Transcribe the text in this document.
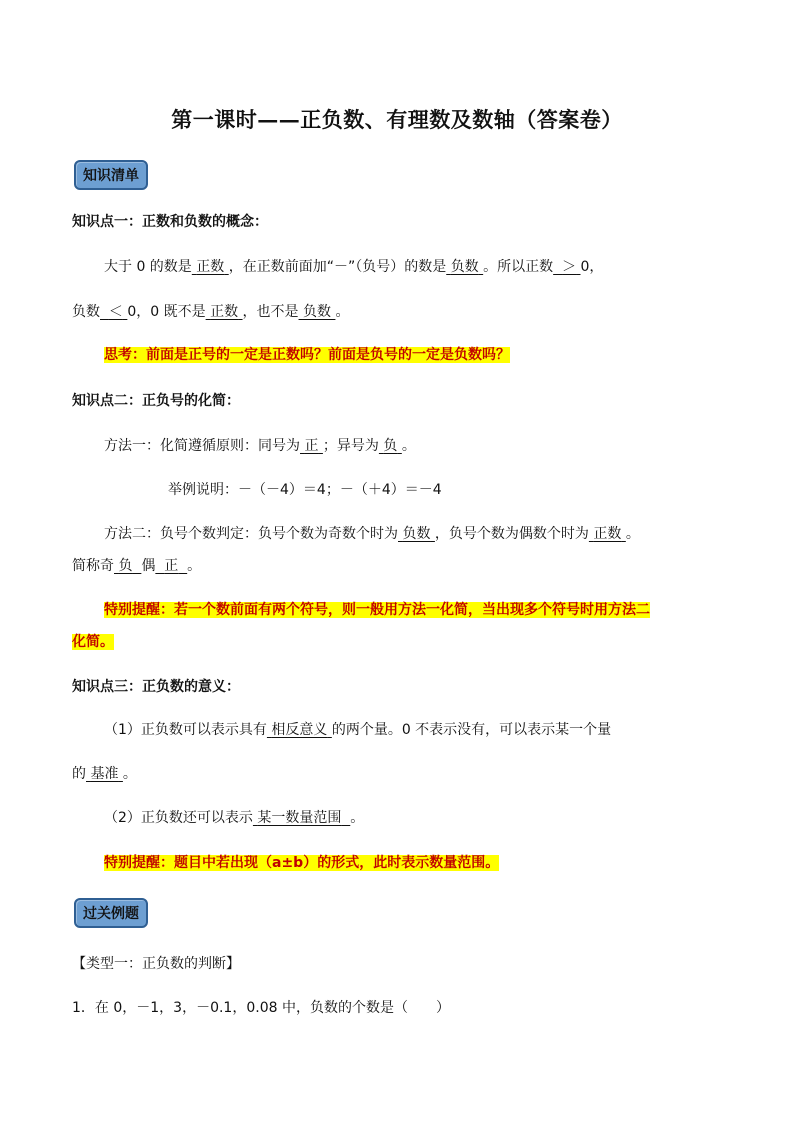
第一课时——正负数、有理数及数轴（答案卷）
知识清单
知识点一：正数和负数的概念：
大于 0 的数是 正数 ，在正数前面加“－”（负号）的数是 负数 。所以正数 ＞ 0，
负数 ＜ 0，0 既不是 正数 ，也不是 负数 。
思考：前面是正号的一定是正数吗？前面是负号的一定是负数吗？
知识点二：正负号的化简：
方法一：化简遵循原则：同号为 正 ；异号为 负 。
举例说明：－（－4）＝4；－（＋4）＝－4
方法二：负号个数判定：负号个数为奇数个时为 负数 ，负号个数为偶数个时为 正数 。
简称奇 负 偶 正 。
特别提醒：若一个数前面有两个符号，则一般用方法一化简，当出现多个符号时用方法二
化简。
知识点三：正负数的意义：
（1）正负数可以表示具有 相反意义 的两个量。0 不表示没有，可以表示某一个量
的 基准 。
（2）正负数还可以表示 某一数量范围 。
特别提醒：题目中若出现（a±b）的形式，此时表示数量范围。
过关例题
【类型一：正负数的判断】
1．在 0，－1，3，－0.1，0.08 中，负数的个数是（　　）
